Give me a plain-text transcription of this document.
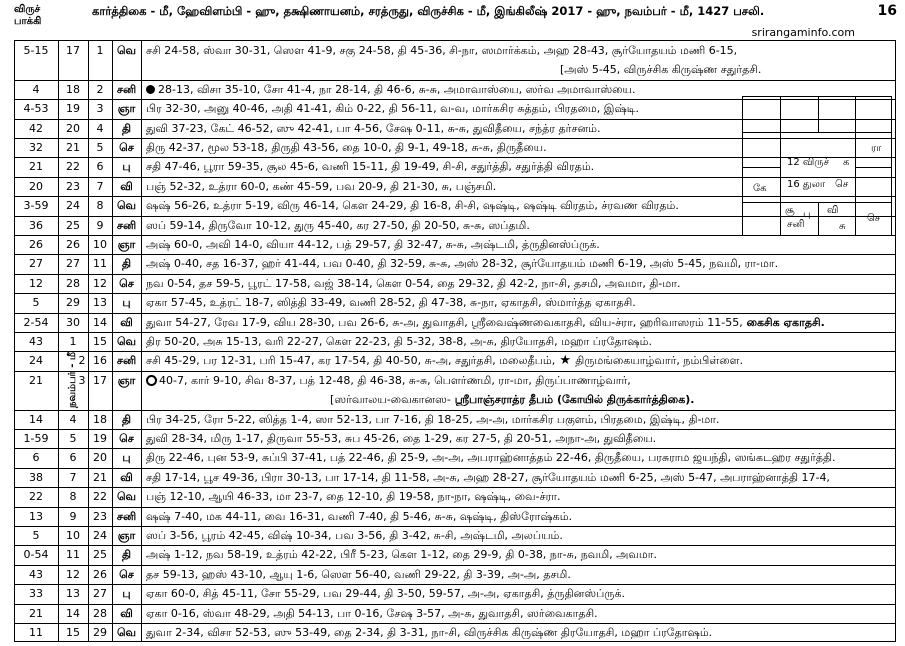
விருச்
பாக்கி
கார்த்திகை - மீ, ஹேவிளம்பி - ஹு, தக்ஷிணாயனம், சரத்ருது, விருச்சிக - மீ, இங்கிலீஷ் 2017 - ஹு, நவம்பர் - மீ, 1427 பசலி.
srirangaminfo.com
16
நவம்பர் - மீ
5-15	17	1	வெ சசி 24-58, ஸ்வா 30-31, ஸௌ 41-9, சகு 24-58, தி 45-36, சி-நா, ஸமார்க்கம், அஹ 28-43, சூர்யோதயம் மணி 6-15,
[அஸ் 5-45, விருச்சிக கிருஷ்ண சதுர்தசி.
4	18	2	சனி	28-13, விசா 35-10, சோ 41-4, நா 28-14, தி 46-6, சு-சு, அமாவாஸ்யை, ஸர்வ அமாவாஸ்யை.
4-53	19	3	ஞா பிர 32-30, அனு 40-46, அதி 41-41, கிம் 0-22, தி 56-11, வ-வ, மார்கசிர சுத்தம், பிரதமை, இஷ்டி.
42	20	4	தி	துவி 37-23, கேட் 46-52, ஸு 42-41, பா 4-56, சேஷ 0-11, சு-சு, துவிதீயை, சந்த்ர தர்சனம்.
32	21	5	செ	திரு 42-37, மூல 53-18, திருதி 43-56, தை 10-0, தி 9-1, 49-18, சு-சு, திருதீயை.
21	22	6	பு	சதி 47-46, பூரா 59-35, சூல 45-6, வணி 15-11, தி 19-49, சி-சி, சதுர்த்தி, சதுர்த்தி விரதம்.
20	23	7	வி	பஞ் 52-32, உத்ரா 60-0, கண் 45-59, பவ 20-9, தி 21-30, சு, பஞ்சமி.
3-59	24	8	வெ ஷஷ் 56-26, உத்ரா 5-19, விரு 46-14, கௌ 24-29, தி 16-8, சி-சி, ஷஷ்டி, ஷஷ்டி விரதம், ச்ரவண விரதம்.
36	25	9	சனி ஸப் 59-14, திருவோ 10-12, துரு 45-40, கர 27-50, தி 20-50, சு-சு, ஸப்தமி.
26	26	10 ஞா அஷ் 60-0, அவி 14-0, வியா 44-12, பத் 29-57, தி 32-47, சு-சு, அஷ்டமி, த்ருதினஸ்ப்ருக்.
27	27	11	தி	அஷ் 0-40, சத 16-37, ஹர் 41-44, பவ 0-40, தி 32-59, சு-சு, அஸ் 28-32, சூர்யோதயம் மணி 6-19, அஸ் 5-45, நவமி, ரா-மா.
12	28	12	செ	நவ 0-54, தச 59-5, பூரட் 17-58, வஜ் 38-14, கௌ 0-54, தை 29-32, தி 42-2, நா-சி, தசமி, அவமா, தி-மா.
5	29	13	பு	ஏகா 57-45, உத்ரட் 18-7, ஸித்தி 33-49, வணி 28-52, தி 47-38, சு-நா, ஏகாதசி, ஸ்மார்த்த ஏகாதசி.
2-54	30	14	வி	துவா 54-27, ரேவ 17-9, விய 28-30, பவ 26-6, சு-அ, துவாதசி, ஸ்ரீவைஷ்ணவைகாதசி, விய-ச்ரா, ஹரிவாஸரம் 11-55, கைசிக ஏகாதசி.
43	1	15 வெ திர 50-20, அசு 15-13, வரி 22-27, கௌ 22-23, தி 5-32, 38-8, அ-சு, திரயோதசி, மஹா ப்ரதோஷம்.
24	2 16 சனி சசி 45-29, பர 12-31, பரி 15-47, கர 17-54, தி 40-50, சு-அ, சதுர்தசி, மலைதீபம், ★ திருமங்கையாழ்வார், நம்பிள்ளை.
21	3 17 ஞா	40-7, கார் 9-10, சிவ 8-37, பத் 12-48, தி 46-38, சு-சு, பௌர்ணமி, ரா-மா, திருப்பாணாழ்வார்,
[ஸர்வாலய-வைகானஸ- ஸ்ரீபாஞ்சராத்ர தீபம் (கோயில் திருக்கார்த்திகை).
14	4	18	தி	பிர 34-25, ரோ 5-22, ஸித்த 1-4, ஸா 52-13, பா 7-16, தி 18-25, அ-அ, மார்கசிர பகுளம், பிரதமை, இஷ்டி, தி-மா.
1-59	5	19	செ	துவி 28-34, மிரு 1-17, திருவா 55-53, சுப 45-26, தை 1-29, கர 27-5, தி 20-51, அநா-அ, துவிதீயை.
6	6	20	பு	திரு 22-46, புன 53-9, சுப்பி 37-41, பத் 22-46, தி 25-9, அ-அ, அபராஹ்னாத்தம் 22-46, திருதீயை, பரசுராம ஜயந்தி, ஸங்கடஹர சதுர்த்தி.
38	7	21	வி	சதி 17-14, பூச 49-36, பிரா 30-13, பா 17-14, தி 11-58, அ-சு, அஹ 28-27, சூர்யோதயம் மணி 6-25, அஸ் 5-47, அபராஹ்னாத்தி 17-4,
22	8	22 வெ பஞ் 12-10, ஆயி 46-33, மா 23-7, தை 12-10, தி 19-58, நா-நா, ஷஷ்டி, வை-ச்ரா.
13	9	23 சனி ஷஷ் 7-40, மக 44-11, வை 16-31, வணி 7-40, தி 5-46, சு-சு, ஷஷ்டி, திஸ்ரோஷ்கம்.
5	10	24 ஞா ஸப் 3-56, பூரம் 42-45, விஷ் 10-34, பவ 3-56, தி 3-42, சு-சி, அஷ்டமி, அலப்யம்.
0-54	11	25	தி	அஷ் 1-12, நவ 58-19, உத்ரம் 42-22, பிரீ 5-23, கௌ 1-12, தை 29-9, தி 0-38, நா-சு, நவமி, அவமா.
43	12	26	செ	தச 59-13, ஹஸ் 43-10, ஆயு 1-6, ஸௌ 56-40, வணி 29-22, தி 3-39, அ-அ, தசமி.
33	13	27	பு	ஏகா 60-0, சித் 45-11, சோ 55-29, பவ 29-44, தி 3-50, 59-57, அ-அ, ஏகாதசி, த்ருதினஸ்ப்ருக்.
21	14	28	வி	ஏகா 0-16, ஸ்வா 48-29, அதி 54-13, பா 0-16, சேஷ 3-57, அ-சு, துவாதசி, ஸர்வைகாதசி.
11	15	29 வெ துவா 2-34, விசா 52-53, ஸு 53-49, தை 2-34, தி 3-31, நா-சி, விருச்சிக கிருஷ்ண திரயோதசி, மஹா ப்ரதோஷம்.
ரா
12 விருச் க
16 துலா செ
கே
சூ பு
சனி
வி
சு
செ
